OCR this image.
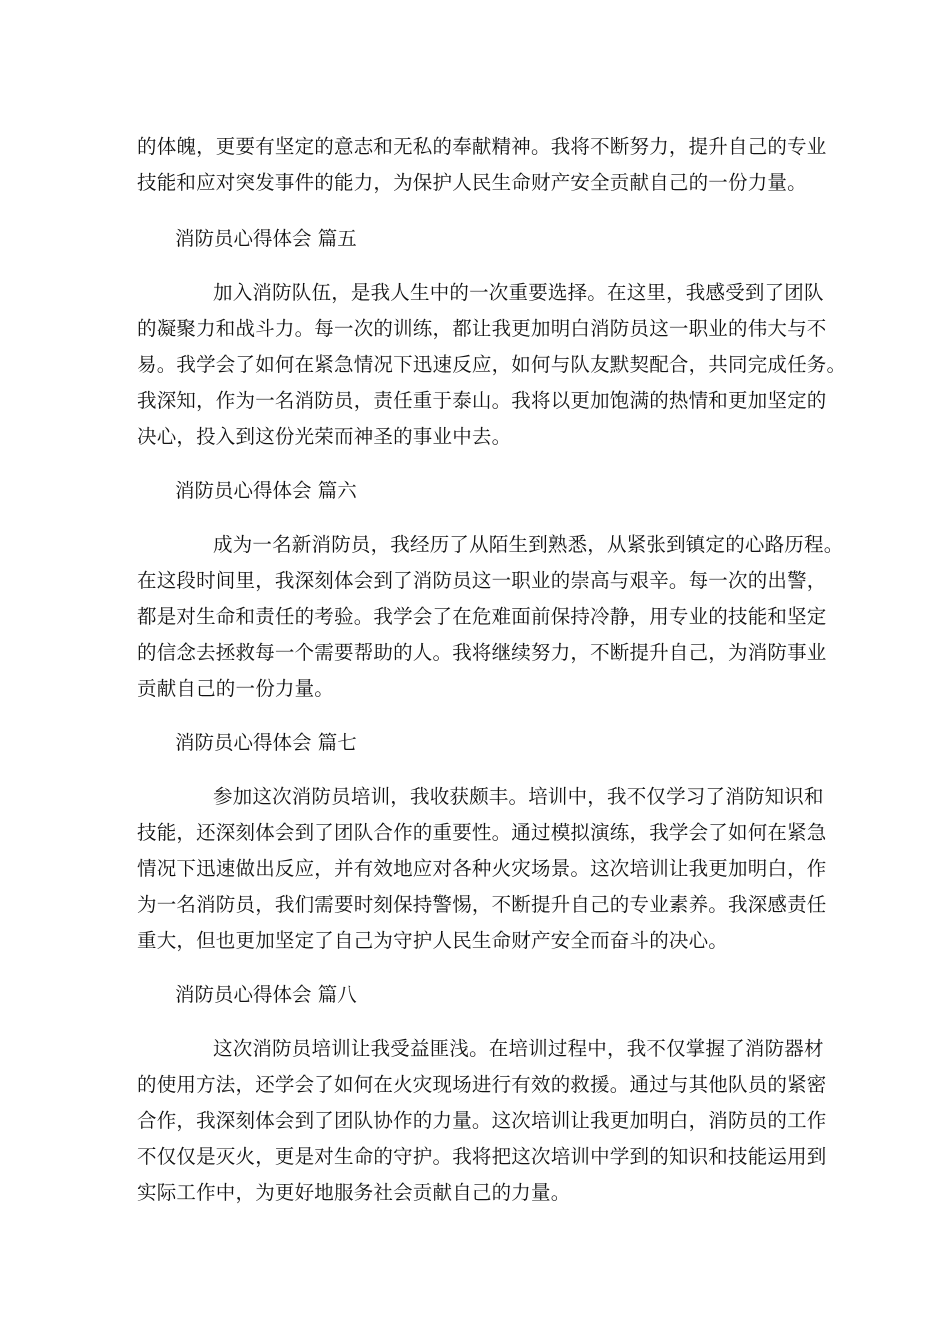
的体魄，更要有坚定的意志和无私的奉献精神。我将不断努力，提升自己的专业
技能和应对突发事件的能力，为保护人民生命财产安全贡献自己的一份力量。
消防员心得体会 篇五
加入消防队伍，是我人生中的一次重要选择。在这里，我感受到了团队
的凝聚力和战斗力。每一次的训练，都让我更加明白消防员这一职业的伟大与不
易。我学会了如何在紧急情况下迅速反应，如何与队友默契配合，共同完成任务。
我深知，作为一名消防员，责任重于泰山。我将以更加饱满的热情和更加坚定的
决心，投入到这份光荣而神圣的事业中去。
消防员心得体会 篇六
成为一名新消防员，我经历了从陌生到熟悉，从紧张到镇定的心路历程。
在这段时间里，我深刻体会到了消防员这一职业的崇高与艰辛。每一次的出警，
都是对生命和责任的考验。我学会了在危难面前保持冷静，用专业的技能和坚定
的信念去拯救每一个需要帮助的人。我将继续努力，不断提升自己，为消防事业
贡献自己的一份力量。
消防员心得体会 篇七
参加这次消防员培训，我收获颇丰。培训中，我不仅学习了消防知识和
技能，还深刻体会到了团队合作的重要性。通过模拟演练，我学会了如何在紧急
情况下迅速做出反应，并有效地应对各种火灾场景。这次培训让我更加明白，作
为一名消防员，我们需要时刻保持警惕，不断提升自己的专业素养。我深感责任
重大，但也更加坚定了自己为守护人民生命财产安全而奋斗的决心。
消防员心得体会 篇八
这次消防员培训让我受益匪浅。在培训过程中，我不仅掌握了消防器材
的使用方法，还学会了如何在火灾现场进行有效的救援。通过与其他队员的紧密
合作，我深刻体会到了团队协作的力量。这次培训让我更加明白，消防员的工作
不仅仅是灭火，更是对生命的守护。我将把这次培训中学到的知识和技能运用到
实际工作中，为更好地服务社会贡献自己的力量。
